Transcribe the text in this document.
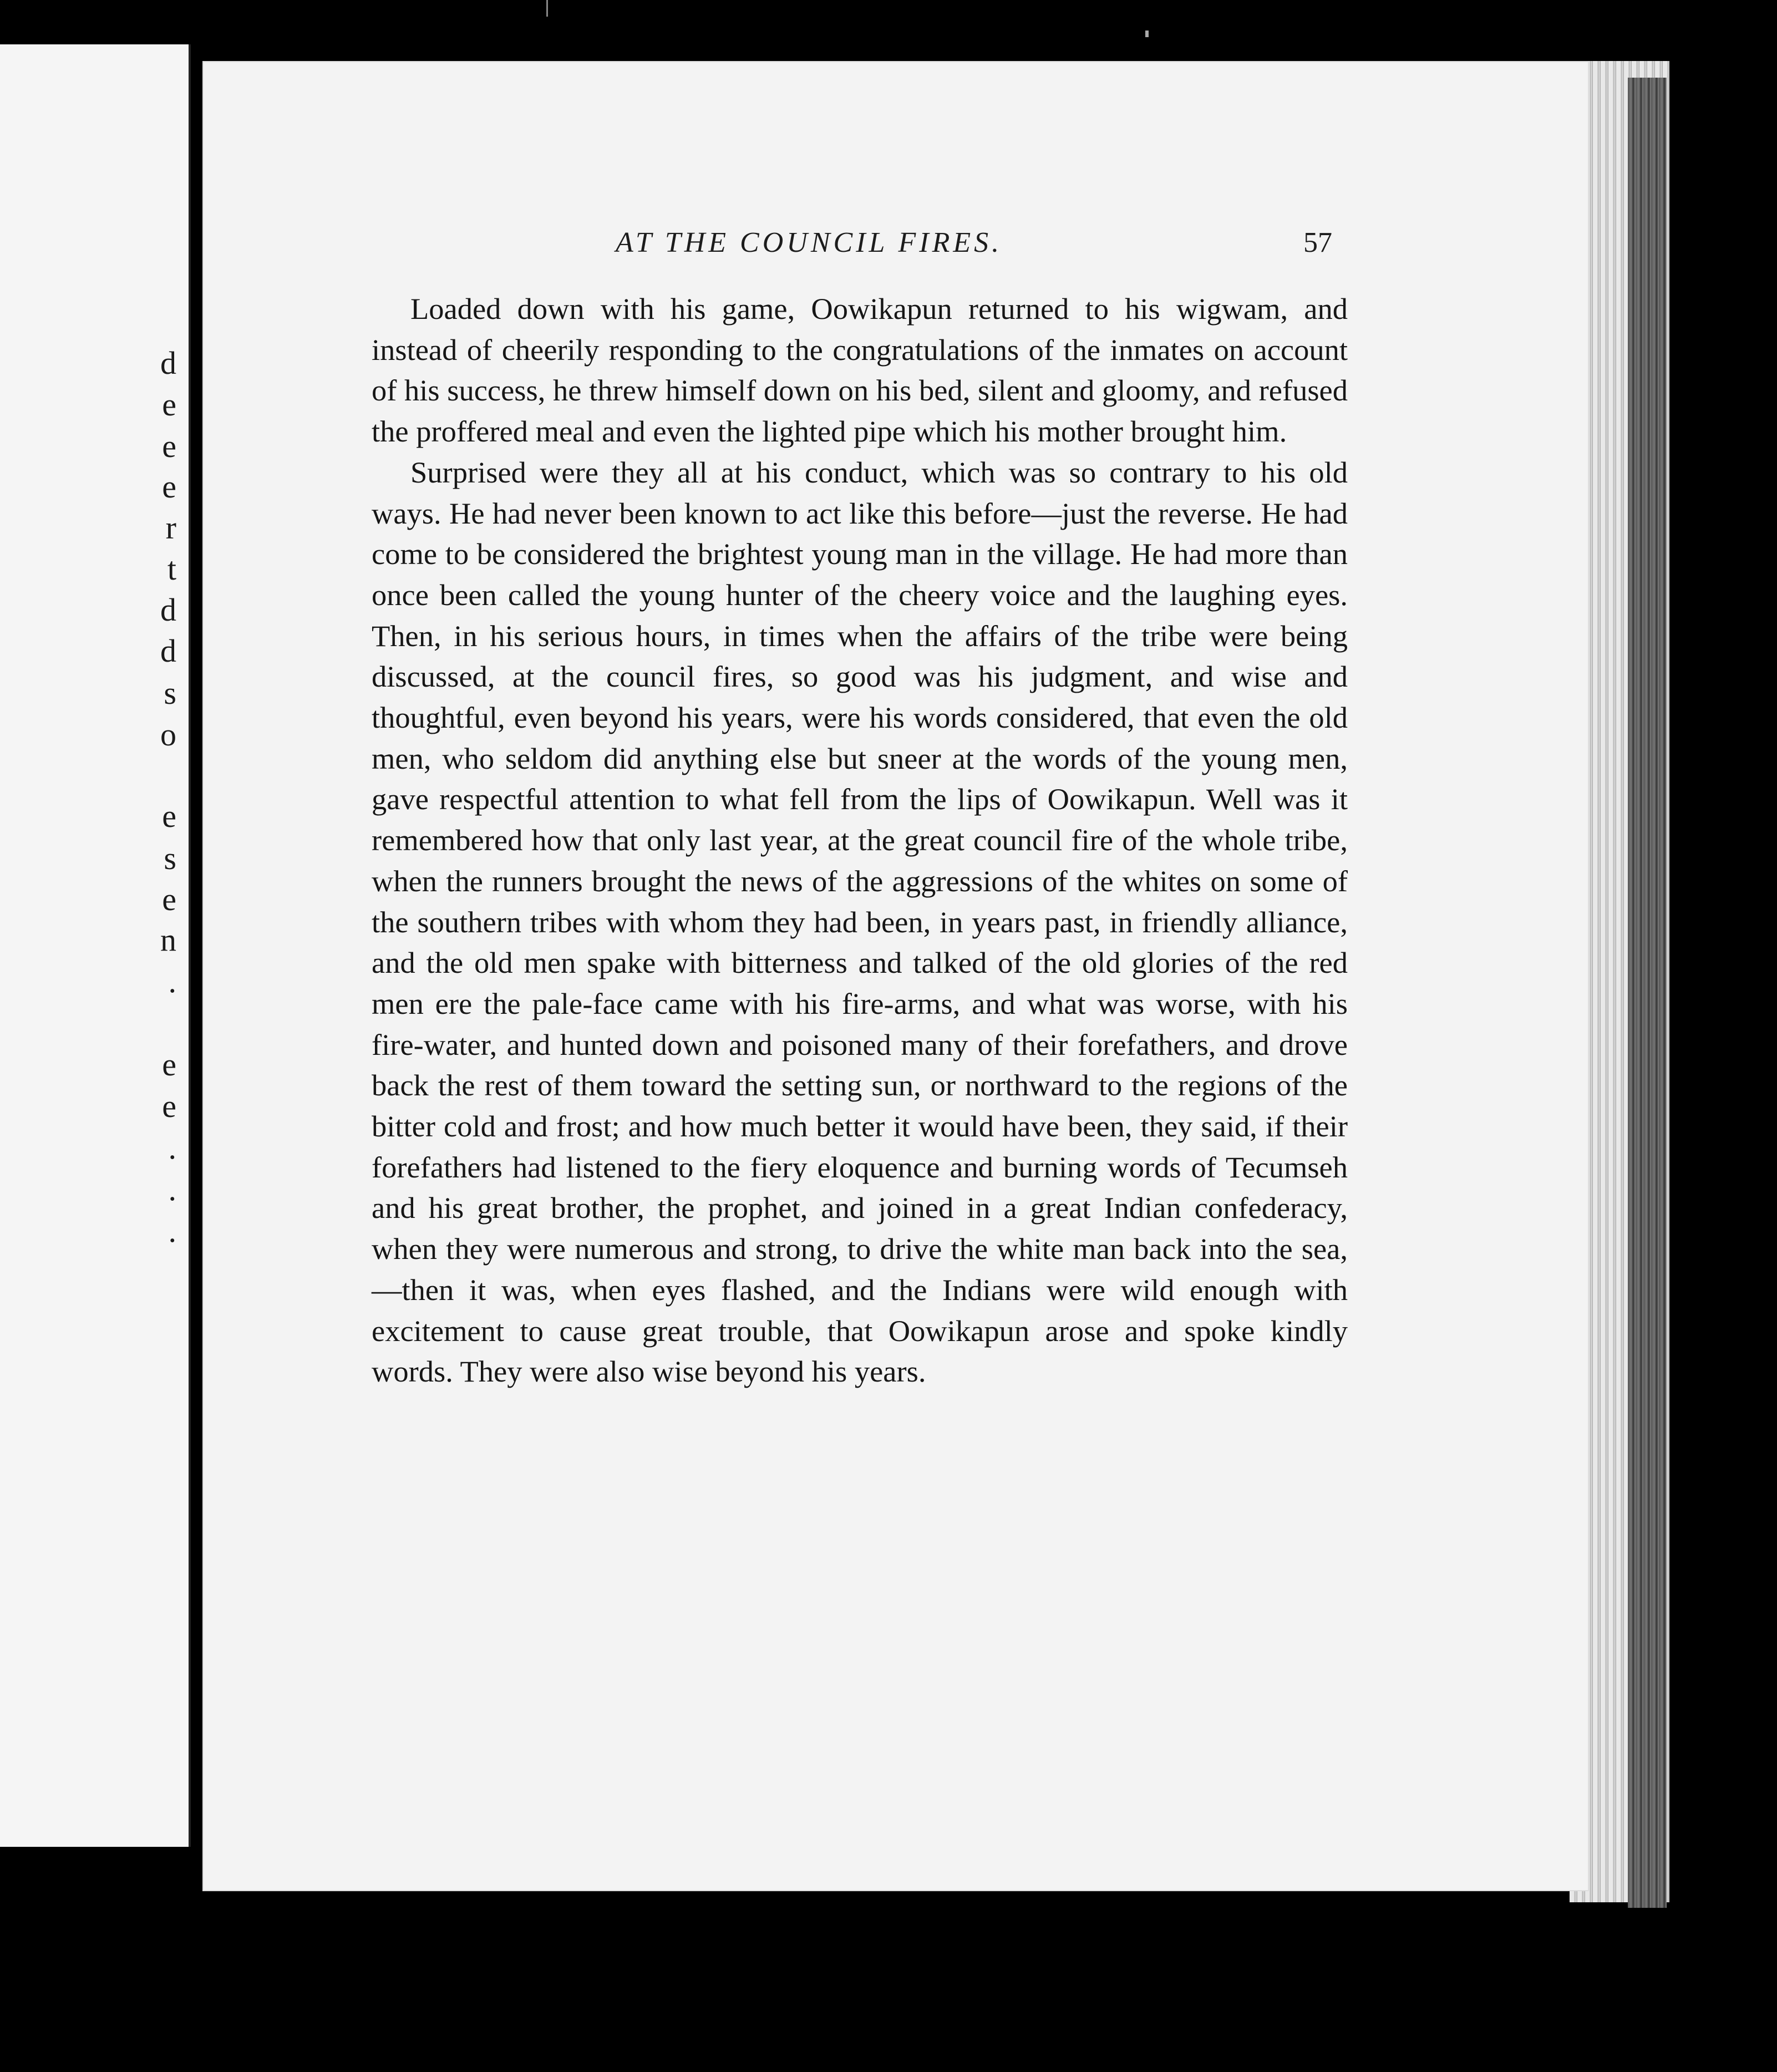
d
e
e
e
r
t
d
d
s
o
e
s
e
n
.
e
e
.
.
.
AT THE COUNCIL FIRES.	57

Loaded down with his game, Oowikapun returned to his wigwam, and instead of cheerily responding to the congratulations of the inmates on account of his success, he threw himself down on his bed, silent and gloomy, and refused the proffered meal and even the lighted pipe which his mother brought him.

Surprised were they all at his conduct, which was so contrary to his old ways. He had never been known to act like this before—just the reverse. He had come to be considered the brightest young man in the village. He had more than once been called the young hunter of the cheery voice and the laughing eyes. Then, in his serious hours, in times when the affairs of the tribe were being discussed, at the council fires, so good was his judgment, and wise and thoughtful, even beyond his years, were his words considered, that even the old men, who seldom did anything else but sneer at the words of the young men, gave respectful attention to what fell from the lips of Oowikapun. Well was it remembered how that only last year, at the great council fire of the whole tribe, when the runners brought the news of the aggressions of the whites on some of the southern tribes with whom they had been, in years past, in friendly alliance, and the old men spake with bitterness and talked of the old glories of the red men ere the pale-face came with his fire-arms, and what was worse, with his fire-water, and hunted down and poisoned many of their forefathers, and drove back the rest of them toward the setting sun, or northward to the regions of the bitter cold and frost; and how much better it would have been, they said, if their forefathers had listened to the fiery eloquence and burning words of Tecumseh and his great brother, the prophet, and joined in a great Indian confederacy, when they were numerous and strong, to drive the white man back into the sea,—then it was, when eyes flashed, and the Indians were wild enough with excitement to cause great trouble, that Oowikapun arose and spoke kindly words. They were also wise beyond his years.
